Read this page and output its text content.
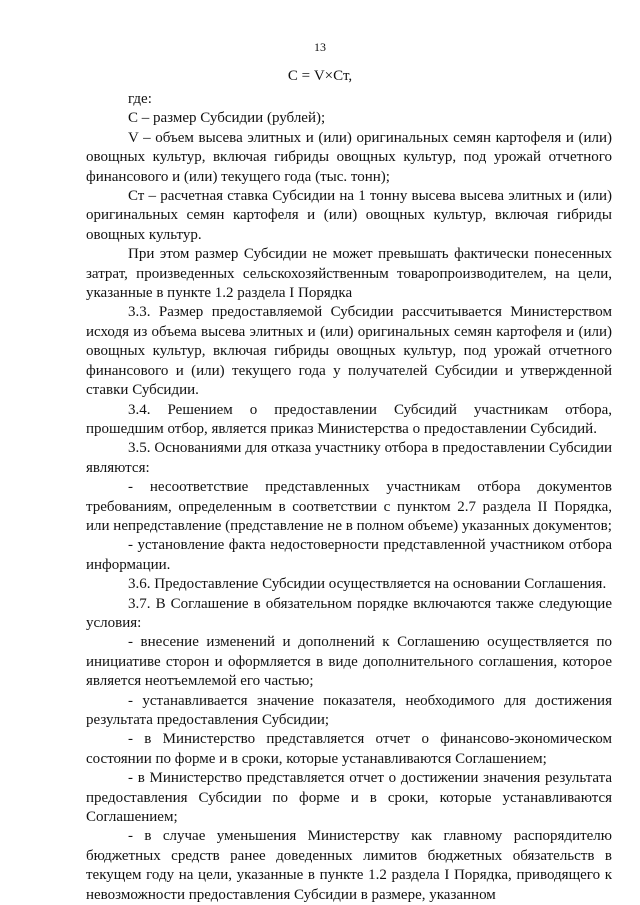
13
С = V×Ст,

где:

С – размер Субсидии (рублей);

V – объем высева элитных и (или) оригинальных семян картофеля и (или) овощных культур, включая гибриды овощных культур, под урожай отчетного финансового и (или) текущего года (тыс. тонн);

Ст – расчетная ставка Субсидии на 1 тонну высева высева элитных и (или) оригинальных семян картофеля и (или) овощных культур, включая гибриды овощных культур.

При этом размер Субсидии не может превышать фактически понесенных затрат, произведенных сельскохозяйственным товаропроизводителем, на цели, указанные в пункте 1.2 раздела I Порядка

3.3. Размер предоставляемой Субсидии рассчитывается Министерством исходя из объема высева элитных и (или) оригинальных семян картофеля и (или) овощных культур, включая гибриды овощных культур, под урожай отчетного финансового и (или) текущего года у получателей Субсидии и утвержденной ставки Субсидии.

3.4. Решением о предоставлении Субсидий участникам отбора, прошедшим отбор, является приказ Министерства о предоставлении Субсидий.

3.5. Основаниями для отказа участнику отбора в предоставлении Субсидии являются:

- несоответствие представленных участникам отбора документов требованиям, определенным в соответствии с пунктом 2.7 раздела II Порядка, или непредставление (представление не в полном объеме) указанных документов;

- установление факта недостоверности представленной участником отбора информации.

3.6. Предоставление Субсидии осуществляется на основании Соглашения.

3.7. В Соглашение в обязательном порядке включаются также следующие условия:

- внесение изменений и дополнений к Соглашению осуществляется по инициативе сторон и оформляется в виде дополнительного соглашения, которое является неотъемлемой его частью;

- устанавливается значение показателя, необходимого для достижения результата предоставления Субсидии;

- в Министерство представляется отчет о финансово-экономическом состоянии по форме и в сроки, которые устанавливаются Соглашением;

- в Министерство представляется отчет о достижении значения результата предоставления Субсидии по форме и в сроки, которые устанавливаются Соглашением;

- в случае уменьшения Министерству как главному распорядителю бюджетных средств ранее доведенных лимитов бюджетных обязательств в текущем году на цели, указанные в пункте 1.2 раздела I Порядка, приводящего к невозможности предоставления Субсидии в размере, указанном
